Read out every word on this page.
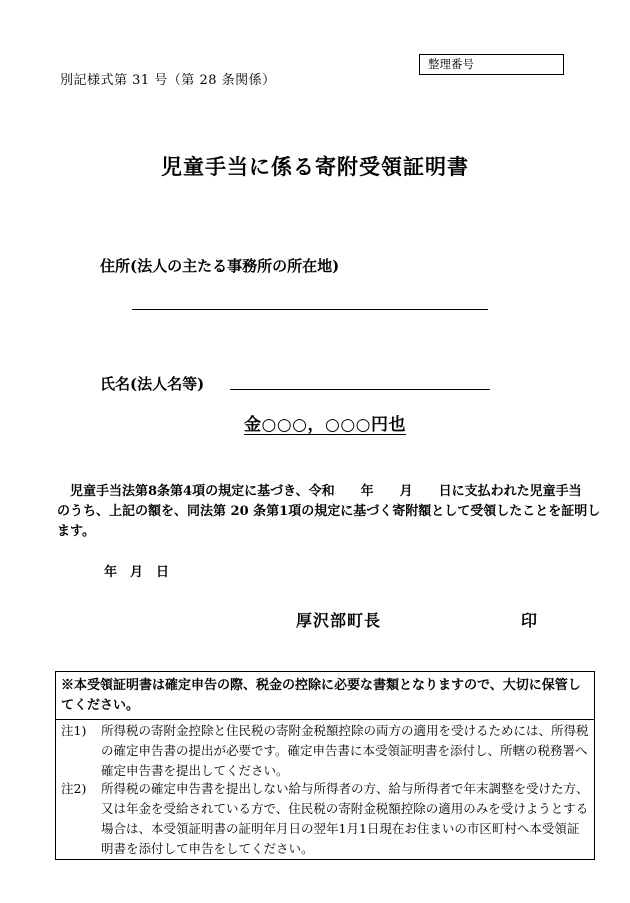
別記様式第 31 号（第 28 条関係）
整理番号
児童手当に係る寄附受領証明書
住所(法人の主たる事務所の所在地)
氏名(法人名等)
金○○○，○○○円也
　児童手当法第8条第4項の規定に基づき、令和　　年　　月　　日に支払われた児童手当
のうち、上記の額を、同法第 20 条第1項の規定に基づく寄附額として受領したことを証明し
ます。
年　月　日
厚沢部町長	印
※本受領証明書は確定申告の際、税金の控除に必要な書類となりますので、大切に保管してください。
注1)	所得税の寄附金控除と住民税の寄附金税額控除の両方の適用を受けるためには、所得税の確定申告書の提出が必要です。確定申告書に本受領証明書を添付し、所轄の税務署へ確定申告書を提出してください。
注2)	所得税の確定申告書を提出しない給与所得者の方、給与所得者で年末調整を受けた方、又は年金を受給されている方で、住民税の寄附金税額控除の適用のみを受けようとする場合は、本受領証明書の証明年月日の翌年1月1日現在お住まいの市区町村へ本受領証明書を添付して申告をしてください。
